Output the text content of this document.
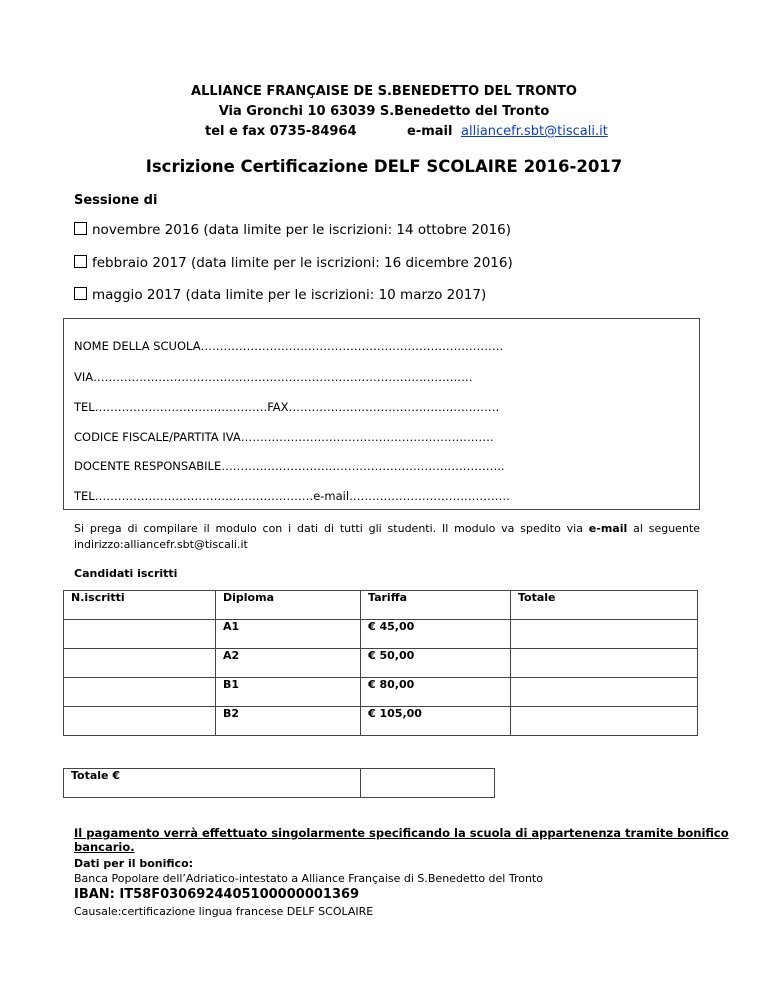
ALLIANCE FRANÇAISE DE S.BENEDETTO DEL TRONTO
Via Gronchi 10 63039 S.Benedetto del Tronto
tel e fax 0735-84964	e-mail alliancefr.sbt@tiscali.it
Iscrizione Certificazione DELF SCOLAIRE 2016-2017
Sessione di
novembre 2016 (data limite per le iscrizioni: 14 ottobre 2016)
febbraio 2017 (data limite per le iscrizioni: 16 dicembre 2016)
maggio 2017 (data limite per le iscrizioni: 10 marzo 2017)
NOME DELLA SCUOLA…………………………………………………………………….
VIA………………………………………………………………………………………
TEL………………………………………FAX……………………………………………….
CODICE FISCALE/PARTITA IVA…………………………………………………………
DOCENTE RESPONSABILE………………………………………………………………..
TEL…………………………………………………e-mail……………………………………
Si prega di compilare il modulo con i dati di tutti gli studenti. Il modulo va spedito via e-mail al seguente indirizzo:alliancefr.sbt@tiscali.it
Candidati iscritti
N.iscritti	Diploma	Tariffa	Totale
	A1	€ 45,00	
	A2	€ 50,00	
	B1	€ 80,00	
	B2	€ 105,00	
Totale €	
Il pagamento verrà effettuato singolarmente specificando la scuola di appartenenza tramite bonifico bancario.
Dati per il bonifico:
Banca Popolare dell’Adriatico-intestato a Alliance Française di S.Benedetto del Tronto
IBAN: IT58F0306924405100000001369
Causale:certificazione lingua francese DELF SCOLAIRE
